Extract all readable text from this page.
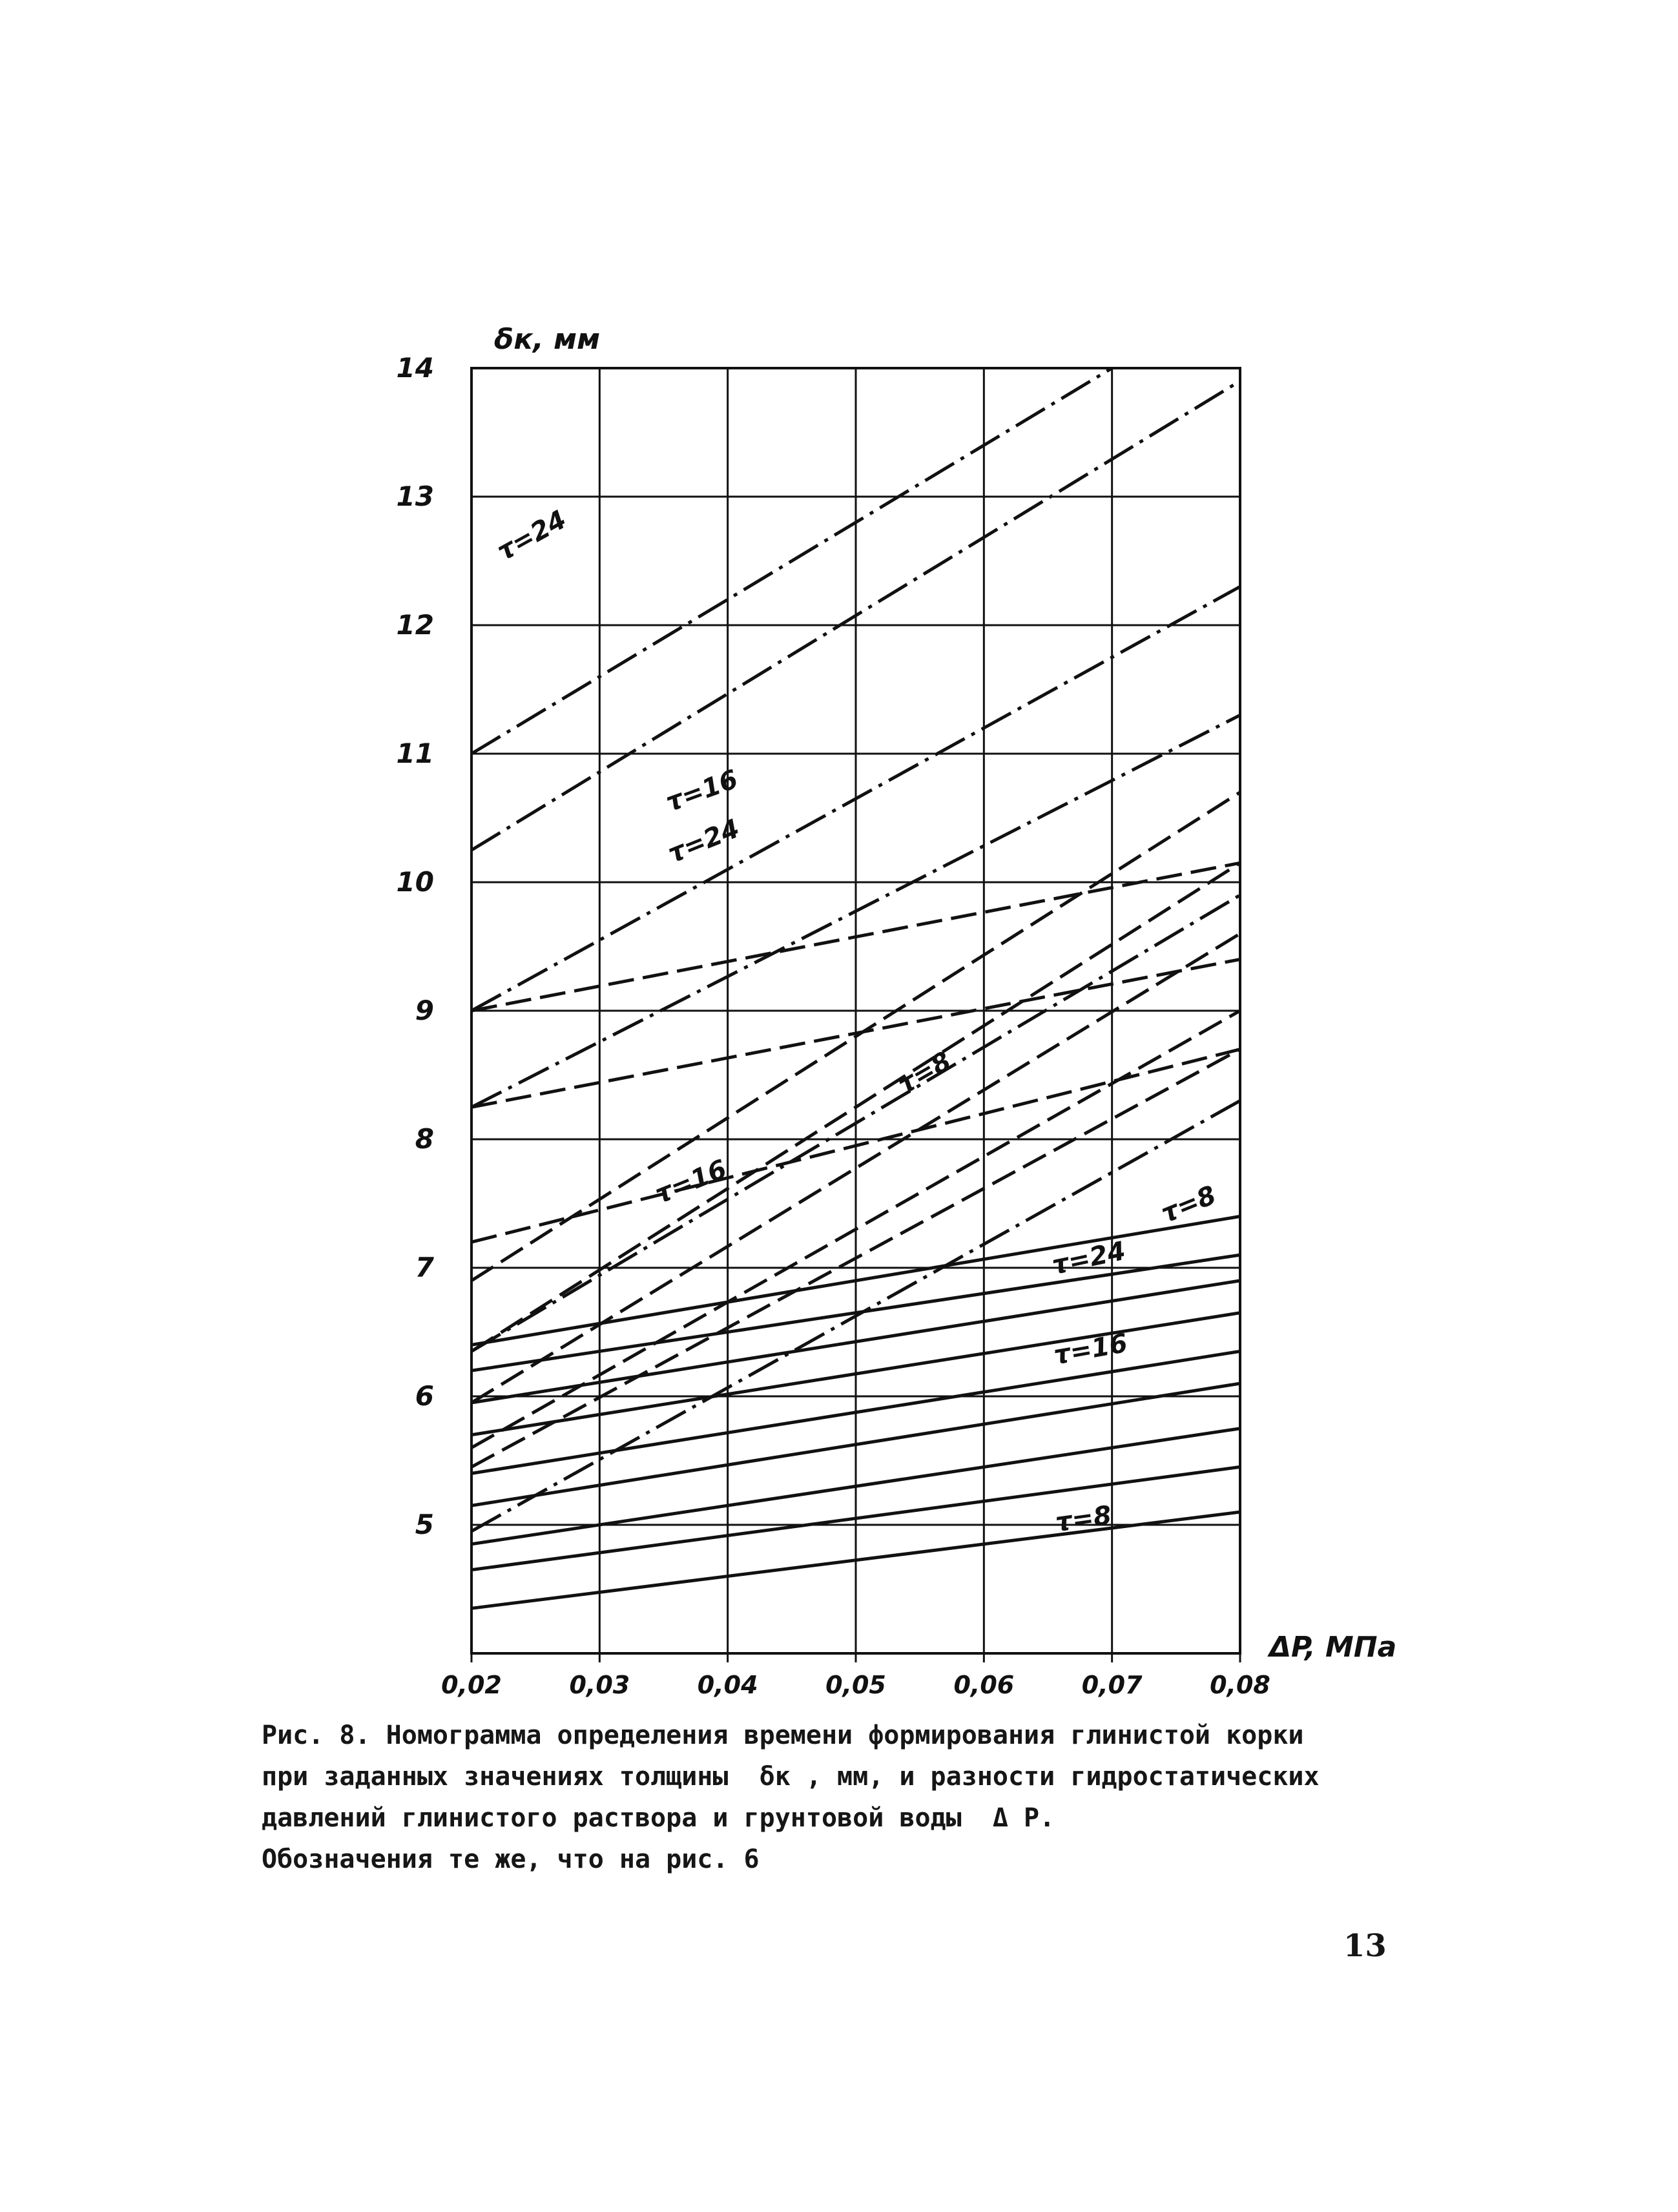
0,02	0,03	0,04	0,05	0,06	0,07	0,08
5
6
7
8
9
10
11
12
13
14
τ=24
τ=16
τ=24
τ=8
τ=16	τ=8
τ=24
τ=16
τ=8
δк, мм
ΔP, МПа

Рис. 8. Номограмма определения времени формирования глинистой корки

при заданных значениях толщины  δк , мм, и разности гидростатических

давлений глинистого раствора и грунтовой воды  Δ Р.

Обозначения те же, что на рис. 6

13
